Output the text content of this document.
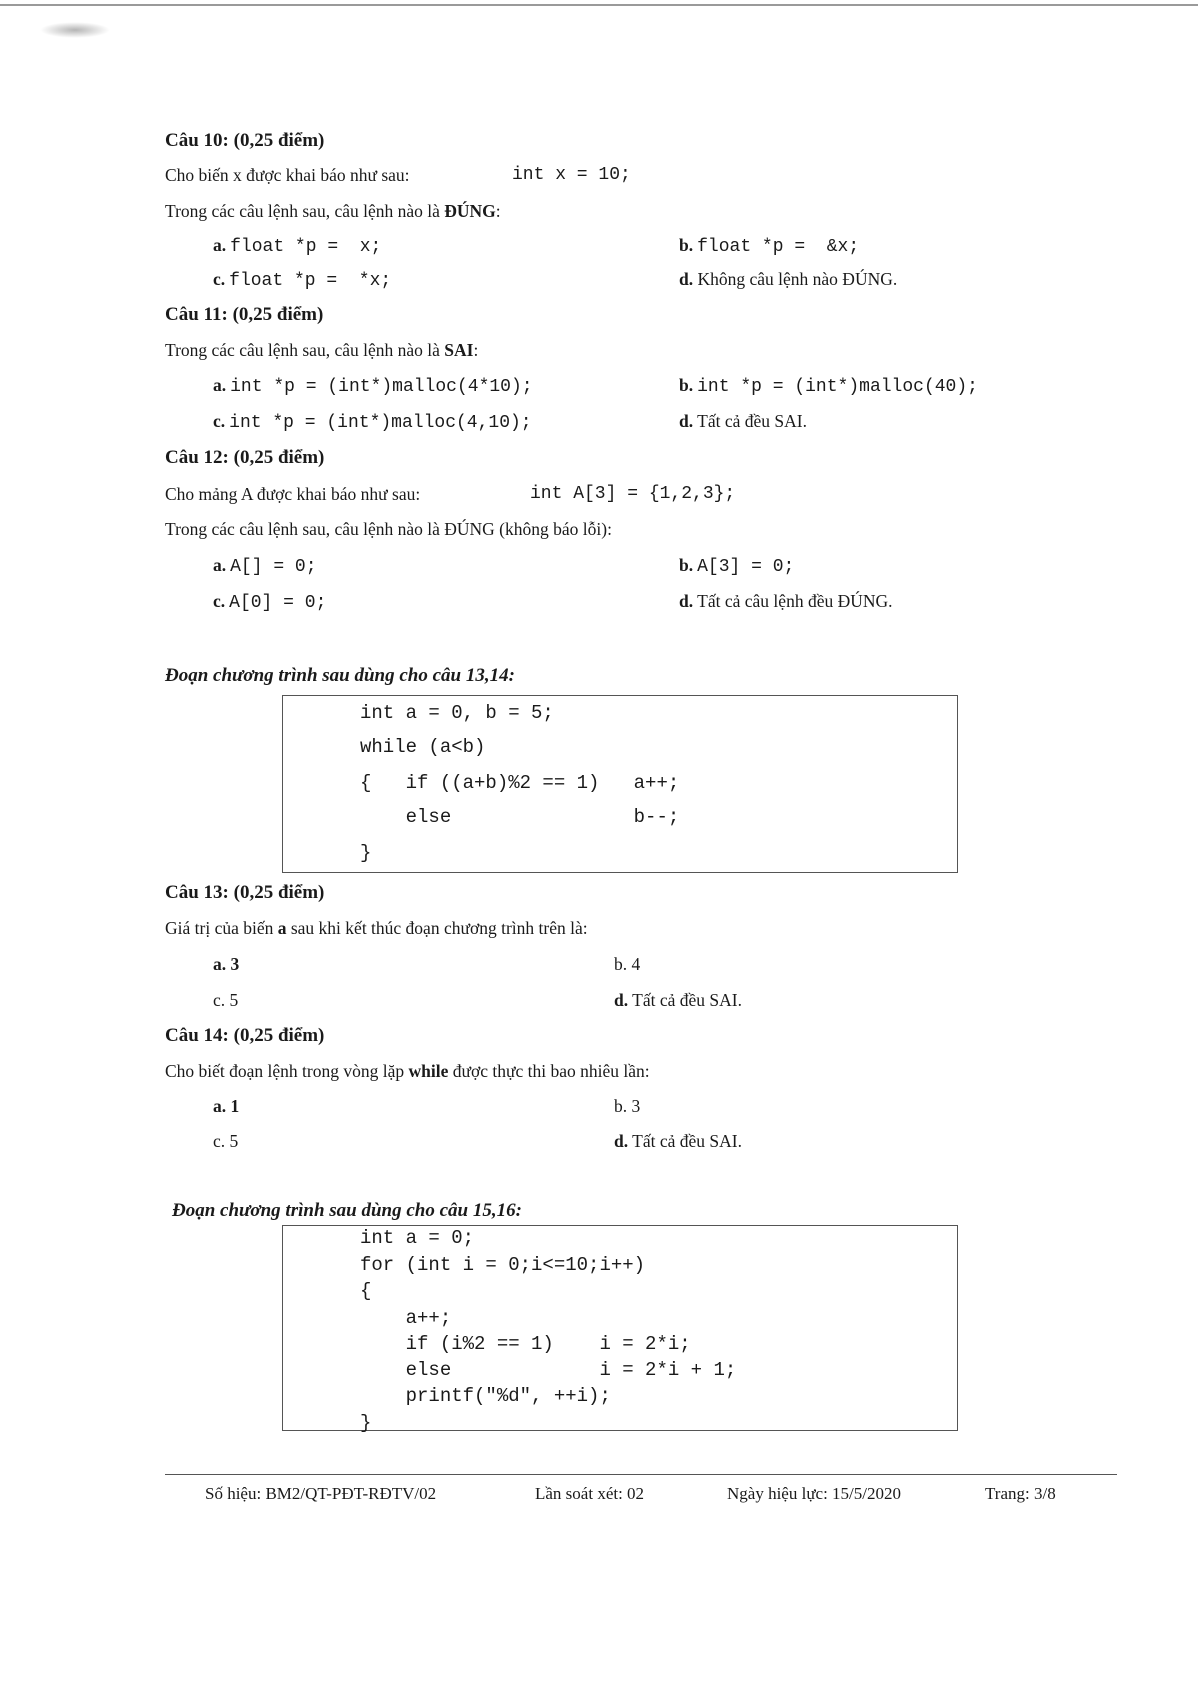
Câu 10: (0,25 điểm)
Cho biến x được khai báo như sau:	int x = 10;
Trong các câu lệnh sau, câu lệnh nào là ĐÚNG:
a. float *p =  x;	b. float *p =  &x;
c. float *p =  *x;	d. Không câu lệnh nào ĐÚNG.
Câu 11: (0,25 điểm)
Trong các câu lệnh sau, câu lệnh nào là SAI:
a. int *p = (int*)malloc(4*10);	b. int *p = (int*)malloc(40);
c. int *p = (int*)malloc(4,10);	d. Tất cả đều SAI.
Câu 12: (0,25 điểm)
Cho mảng A được khai báo như sau:	int A[3] = {1,2,3};
Trong các câu lệnh sau, câu lệnh nào là ĐÚNG (không báo lỗi):
a. A[] = 0;	b. A[3] = 0;
c. A[0] = 0;	d. Tất cả câu lệnh đều ĐÚNG.
Đoạn chương trình sau dùng cho câu 13,14:
int a = 0, b = 5;
while (a<b)
{   if ((a+b)%2 == 1)   a++;
else                b--;
}
Câu 13: (0,25 điểm)
Giá trị của biến a sau khi kết thúc đoạn chương trình trên là:
a. 3	b. 4
c. 5	d. Tất cả đều SAI.
Câu 14: (0,25 điểm)
Cho biết đoạn lệnh trong vòng lặp while được thực thi bao nhiêu lần:
a. 1	b. 3
c. 5	d. Tất cả đều SAI.
Đoạn chương trình sau dùng cho câu 15,16:
int a = 0;
for (int i = 0;i<=10;i++)
{
a++;
if (i%2 == 1)    i = 2*i;
else             i = 2*i + 1;
printf("%d", ++i);
}
Số hiệu: BM2/QT-PĐT-RĐTV/02	Lần soát xét: 02	Ngày hiệu lực: 15/5/2020	Trang: 3/8
